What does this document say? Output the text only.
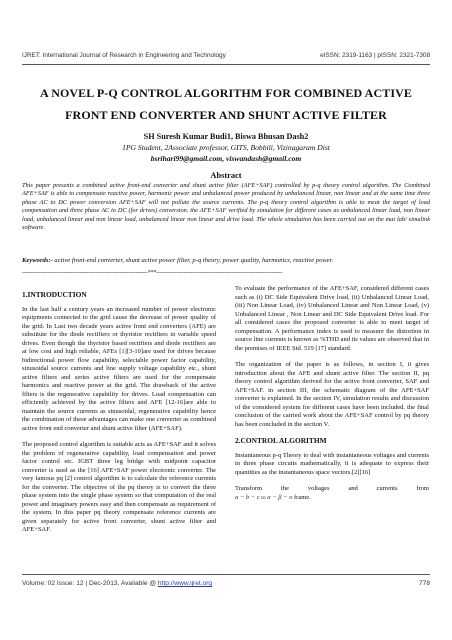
IJRET: International Journal of Research in Engineering and Technology	eISSN: 2319-1163 | pISSN: 2321-7308
A NOVEL P-Q CONTROL ALGORITHM FOR COMBINED ACTIVE
FRONT END CONVERTER AND SHUNT ACTIVE FILTER
SH Suresh Kumar Budi1, Biswa Bhusan Dash2
1PG Student, 2Associate professor, GITS, Bobbili, Vizinagaram Dist
bsrihari99@gmail.com, viswandash@gmail.com
Abstract
This paper presents a combined active front-end converter and shunt active filter (AFE+SAF) controlled by p-q theory control algorithm. The Combined AFE+SAF is able to compensate reactive power, harmonic power and unbalanced power produced by unbalanced linear, non linear and at the same time three phase AC to DC power conversion AFE+SAF will not pollute the source currents. The p-q theory control algorithm is able to meat the target of load compensation and three phase AC to DC (for drives) conversion. the AFE+SAF verified by simulation for different cases as unbalanced linear load, non linear load, unbalanced linear and non linear load, unbalanced linear non linear and drive load. The whole simulation has been carried out on the mat lab/ simulink software.
Keywords:- active front-end converter, shunt active power filter, p-q theory, power quality, harmonics, reactive power.
----------------------------------------------------------------------***----------------------------------------------------------------------
1.INTRODUCTION

In the last half a century years an increased number of power electronic equipments connected to the grid cause the decrease of power quality of the grid. In Last two decade years active front end converters (AFE) are substitute for the diode rectifiers or thyristor rectifiers in variable speed drives. Even though the thyristor based rectifiers and diode rectifiers are at low cost and high reliable, AFEs [1][3-10]are used for drives because bidirectional power flow capability, selectable power factor capability, sinusoidal source currents and line supply voltage capability etc., shunt active filters and series active filters are used for the compensate harmonics and reactive power at the grid. The drawback of the active filters is the regenerative capability for drives. Load compensation can efficiently achieved by the active filters and AFE [12-16]are able to maintain the source currents as sinusoidal, regenerative capability hence the combination of these advantages can make one converter as combined active front end converter and shunt active filter (AFE+SAF).

The proposed control algorithm is suitable acts as AFE+SAF and it solves the problem of regenerative capability, load compensation and power factor control etc. IGBT three leg bridge with midpoint capacitor converter is used as the [16] AFE+SAF power electronic converter. The very famous pq [2] control algorithm is to calculate the reference currents for the converter. The objective of the pq theory is to convert the three phase system into the single phase system so that computation of the real power and imaginary powers easy and then compensate as requirement of the system. In this paper pq theory compensate reference currents are given separately for active front converter, shunt active filter and AFE+SAF.

To evaluate the performance of the AFE+SAF, considered different cases such as (i) DC Side Equivalent Drive load, (ii) Unbalanced Linear Load, (iii) Non Linear Load, (iv) Unbalanced Linear and Non Linear Load, (v) Unbalanced Linear , Non Linear and DC Side Equivalent Drive load. For all considered cases the proposed converter is able to meet target of compensation. A performance index is used to measure the distortion in source line currents is known as %THD and its values are observed that in the premises of IEEE Std. 519 [17] standard.

The organization of the paper is as follows, in section I, it gives introduction about the AFE and shunt active filter. The section II, pq theory control algorithm derived for the active front converter, SAF and AFE+SAF. in section III, the schematic diagram of the AFE+SAF converter is explained. In the section IV, simulation results and discussion of the considered system for different cases have been included. the final conclusion of the carried work about the AFE+SAF control by pq theory has been concluded in the section V.

2.CONTROL ALGORITHM

Instantaneous p-q Theory to deal with instantaneous voltages and currents in three phase circuits mathematically, it is adequate to express their quantities as the instantaneous space vectors.[2][16]

Transform	the	voltages	and	currents	from
a − b − c to α − β − o frame.
Volume: 02 Issue: 12 | Dec-2013, Available @ http://www.ijret.org	778
